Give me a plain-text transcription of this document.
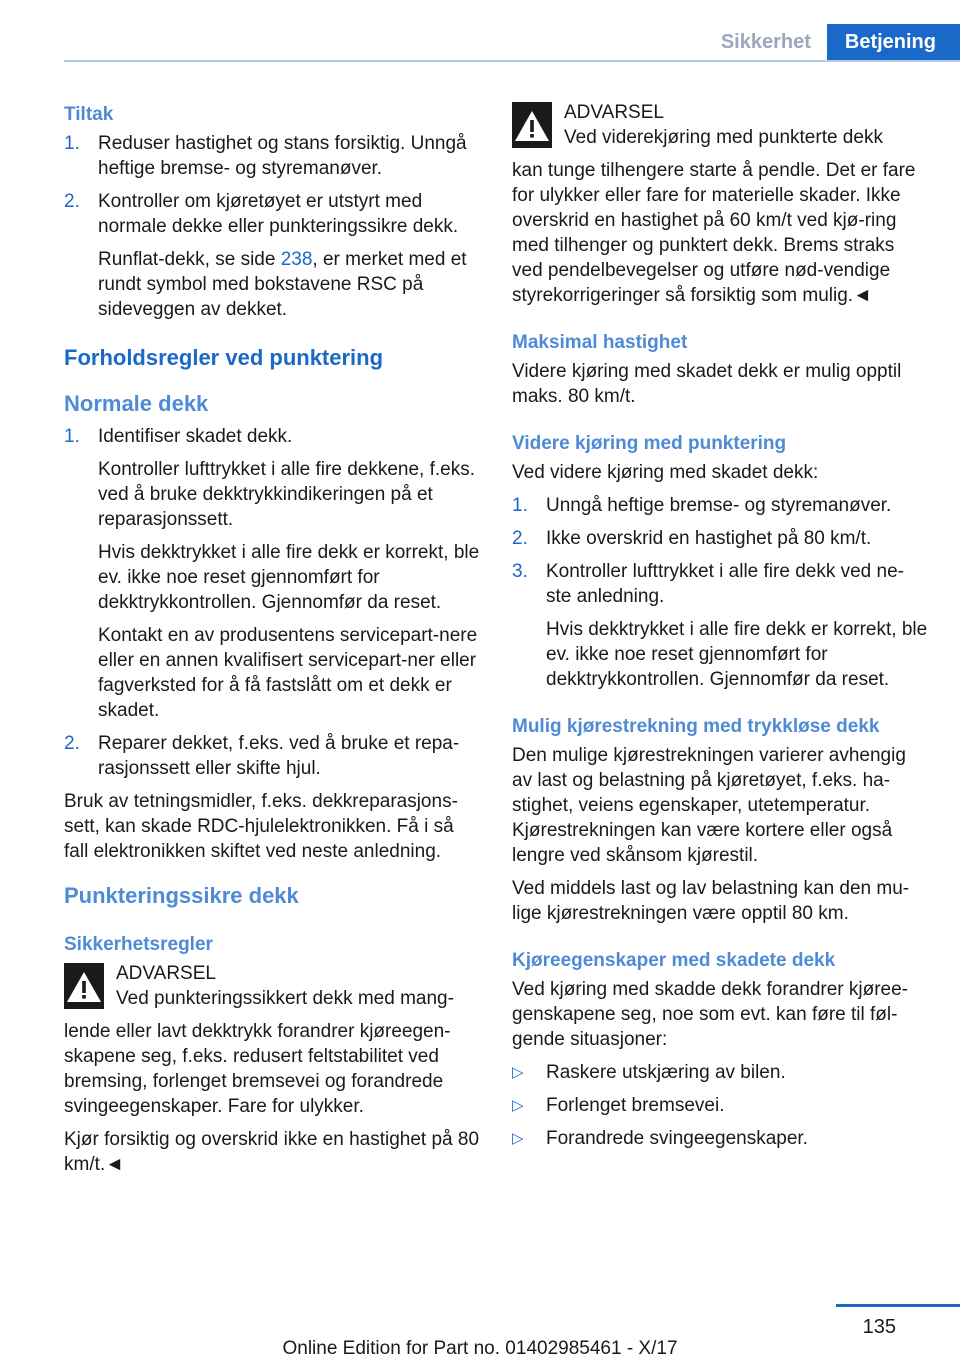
Sikkerhet	Betjening
Tiltak
1. Reduser hastighet og stans forsiktig. Unngå heftige bremse- og styremanøver.
2. Kontroller om kjøretøyet er utstyrt med normale dekke eller punkteringssikre dekk.
Runflat-dekk, se side 238, er merket med et rundt symbol med bokstavene RSC på sideveggen av dekket.
Forholdsregler ved punktering
Normale dekk
1. Identifiser skadet dekk.
Kontroller lufttrykket i alle fire dekkene, f.eks. ved å bruke dekktrykkindikeringen på et reparasjonssett.
Hvis dekktrykket i alle fire dekk er korrekt, ble ev. ikke noe reset gjennomført for dekktrykkontrollen. Gjennomfør da reset.
Kontakt en av produsentens servicepart-nere eller en annen kvalifisert servicepart-ner eller fagverksted for å få fastslått om et dekk er skadet.
2. Reparer dekket, f.eks. ved å bruke et repa-rasjonssett eller skifte hjul.

Bruk av tetningsmidler, f.eks. dekkreparasjons-sett, kan skade RDC-hjulelektronikken. Få i så fall elektronikken skiftet ved neste anledning.

Punkteringssikre dekk
Sikkerhetsregler
ADVARSEL
Ved punkteringssikkert dekk med mang-

lende eller lavt dekktrykk forandrer kjøreegen-skapene seg, f.eks. redusert feltstabilitet ved bremsing, forlenget bremsevei og forandrede svingeegenskaper. Fare for ulykker.

Kjør forsiktig og overskrid ikke en hastighet på 80 km/t.◄

ADVARSEL
Ved viderekjøring med punkterte dekk

kan tunge tilhengere starte å pendle. Det er fare for ulykker eller fare for materielle skader. Ikke overskrid en hastighet på 60 km/t ved kjø-ring med tilhenger og punktert dekk. Brems straks ved pendelbevegelser og utføre nød-vendige styrekorrigeringer så forsiktig som mulig.◄

Maksimal hastighet

Videre kjøring med skadet dekk er mulig opptil maks. 80 km/t.

Videre kjøring med punktering

Ved videre kjøring med skadet dekk:

1. Unngå heftige bremse- og styremanøver.
2. Ikke overskrid en hastighet på 80 km/t.
3. Kontroller lufttrykket i alle fire dekk ved ne-ste anledning.
Hvis dekktrykket i alle fire dekk er korrekt, ble ev. ikke noe reset gjennomført for dekktrykkontrollen. Gjennomfør da reset.
Mulig kjørestrekning med trykkløse dekk

Den mulige kjørestrekningen varierer avhengig av last og belastning på kjøretøyet, f.eks. ha-stighet, veiens egenskaper, utetemperatur. Kjørestrekningen kan være kortere eller også lengre ved skånsom kjørestil.

Ved middels last og lav belastning kan den mu-lige kjørestrekningen være opptil 80 km.

Kjøreegenskaper med skadete dekk

Ved kjøring med skadde dekk forandrer kjøree-genskapene seg, noe som evt. kan føre til føl-gende situasjoner:

▷ Raskere utskjæring av bilen.
▷ Forlenget bremsevei.
▷ Forandrede svingeegenskaper.
135
Online Edition for Part no. 01402985461 - X/17
